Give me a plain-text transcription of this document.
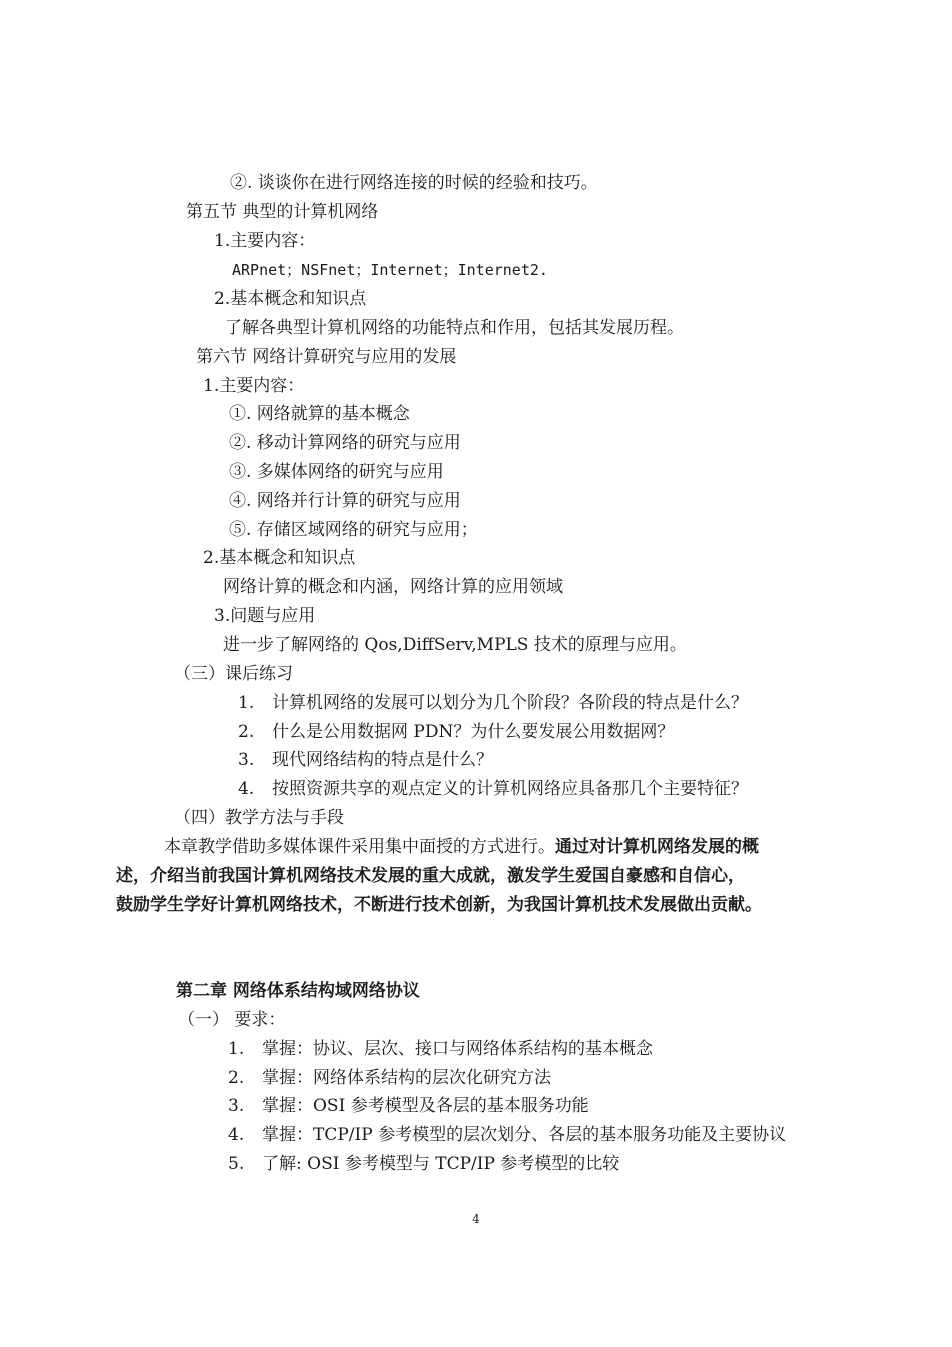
②. 谈谈你在进行网络连接的时候的经验和技巧。
第五节 典型的计算机网络
1.主要内容：
ARPnet；NSFnet；Internet；Internet2.
2.基本概念和知识点
了解各典型计算机网络的功能特点和作用，包括其发展历程。
第六节 网络计算研究与应用的发展
1.主要内容：
①. 网络就算的基本概念
②. 移动计算网络的研究与应用
③. 多媒体网络的研究与应用
④. 网络并行计算的研究与应用
⑤. 存储区域网络的研究与应用；
2.基本概念和知识点
网络计算的概念和内涵，网络计算的应用领域
3.问题与应用
进一步了解网络的 Qos,DiffServ,MPLS 技术的原理与应用。
（三）课后练习
1. 计算机网络的发展可以划分为几个阶段？各阶段的特点是什么？
2. 什么是公用数据网 PDN？为什么要发展公用数据网？
3. 现代网络结构的特点是什么？
4. 按照资源共享的观点定义的计算机网络应具备那几个主要特征？
（四）教学方法与手段
本章教学借助多媒体课件采用集中面授的方式进行。通过对计算机网络发展的概
述，介绍当前我国计算机网络技术发展的重大成就，激发学生爱国自豪感和自信心，
鼓励学生学好计算机网络技术，不断进行技术创新，为我国计算机技术发展做出贡献。
第二章 网络体系结构域网络协议
（一） 要求：
1. 掌握：协议、层次、接口与网络体系结构的基本概念
2. 掌握：网络体系结构的层次化研究方法
3. 掌握：OSI 参考模型及各层的基本服务功能
4. 掌握：TCP/IP 参考模型的层次划分、各层的基本服务功能及主要协议
5. 了解: OSI 参考模型与 TCP/IP 参考模型的比较
4
